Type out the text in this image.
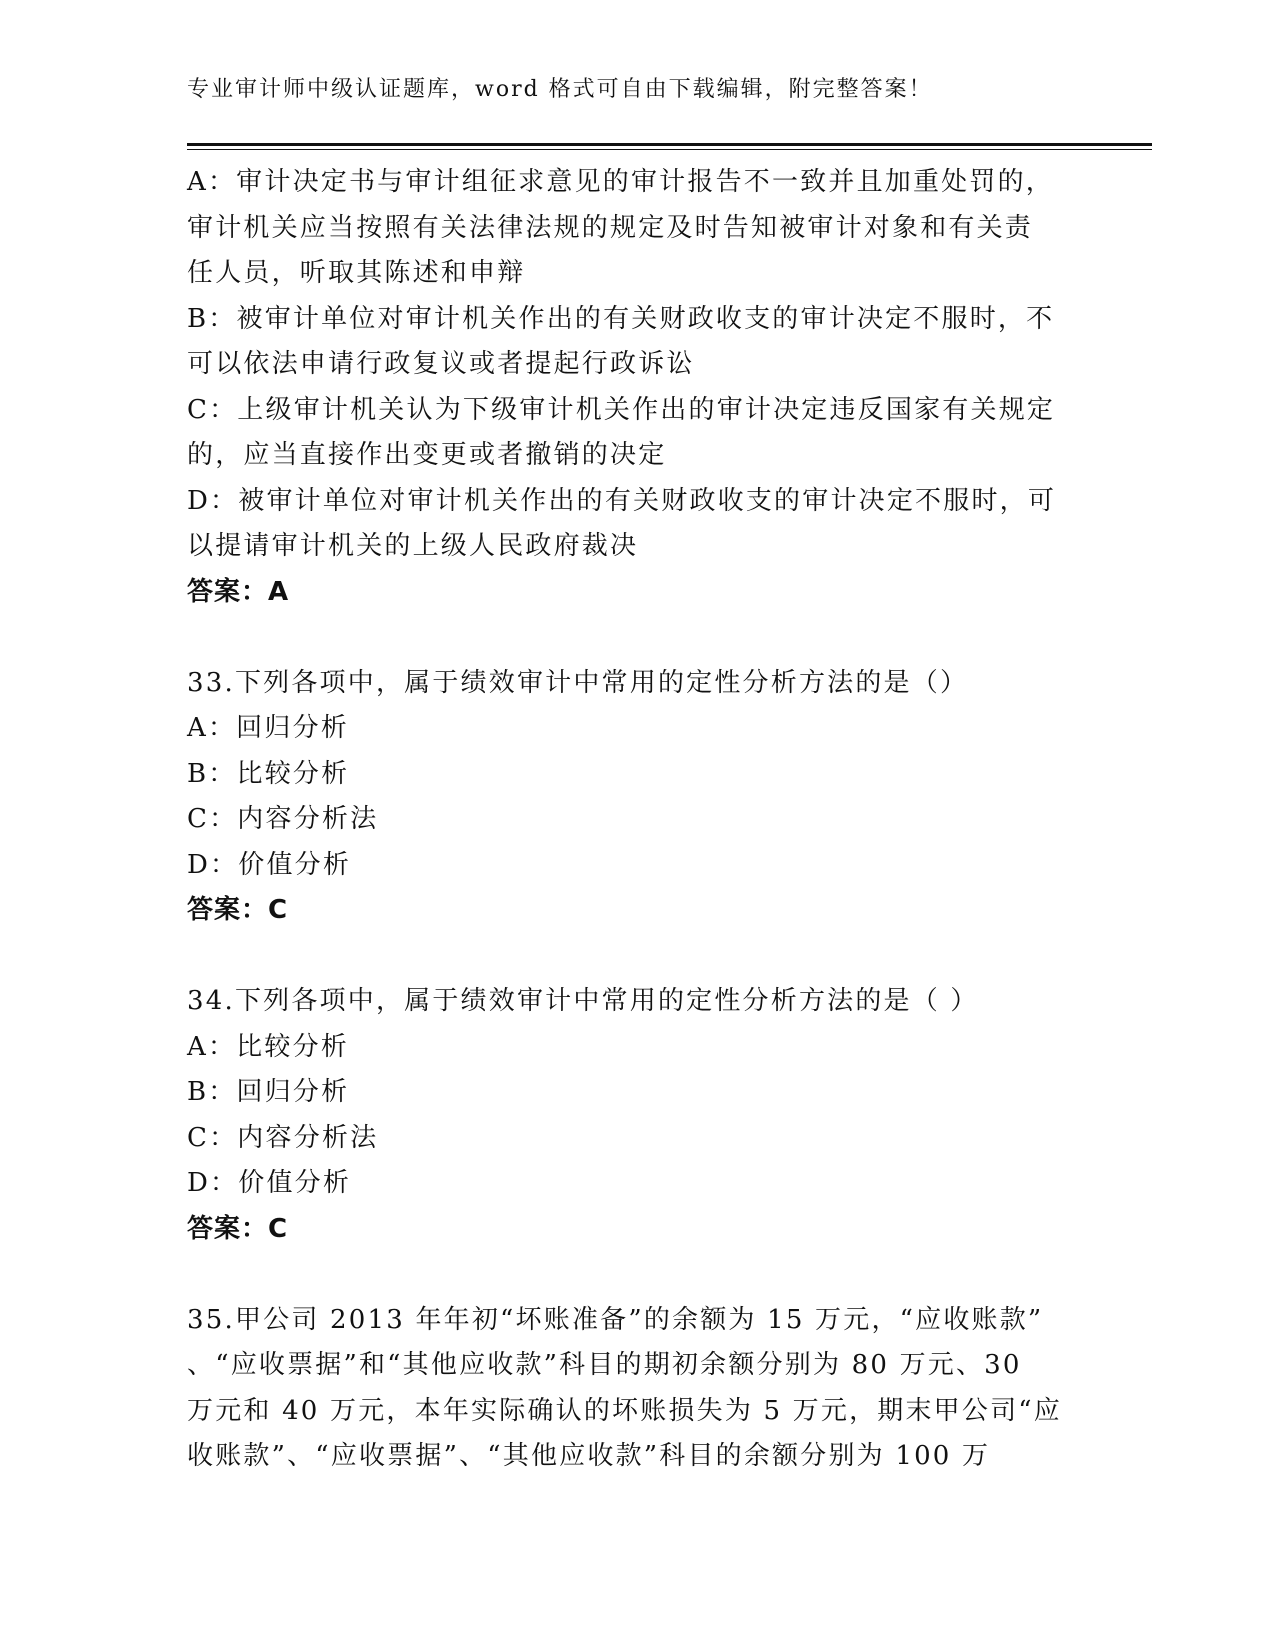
专业审计师中级认证题库，word 格式可自由下载编辑，附完整答案！
A：审计决定书与审计组征求意见的审计报告不一致并且加重处罚的，
审计机关应当按照有关法律法规的规定及时告知被审计对象和有关责
任人员，听取其陈述和申辩
B：被审计单位对审计机关作出的有关财政收支的审计决定不服时，不
可以依法申请行政复议或者提起行政诉讼
C：上级审计机关认为下级审计机关作出的审计决定违反国家有关规定
的，应当直接作出变更或者撤销的决定
D：被审计单位对审计机关作出的有关财政收支的审计决定不服时，可
以提请审计机关的上级人民政府裁决
答案：A
33.下列各项中，属于绩效审计中常用的定性分析方法的是（）
A：回归分析
B：比较分析
C：内容分析法
D：价值分析
答案：C
34.下列各项中，属于绩效审计中常用的定性分析方法的是（ ）
A：比较分析
B：回归分析
C：内容分析法
D：价值分析
答案：C
35.甲公司 2013 年年初“坏账准备”的余额为 15 万元，“应收账款”
、“应收票据”和“其他应收款”科目的期初余额分别为 80 万元、30
万元和 40 万元，本年实际确认的坏账损失为 5 万元，期末甲公司“应
收账款”、“应收票据”、“其他应收款”科目的余额分别为 100 万
